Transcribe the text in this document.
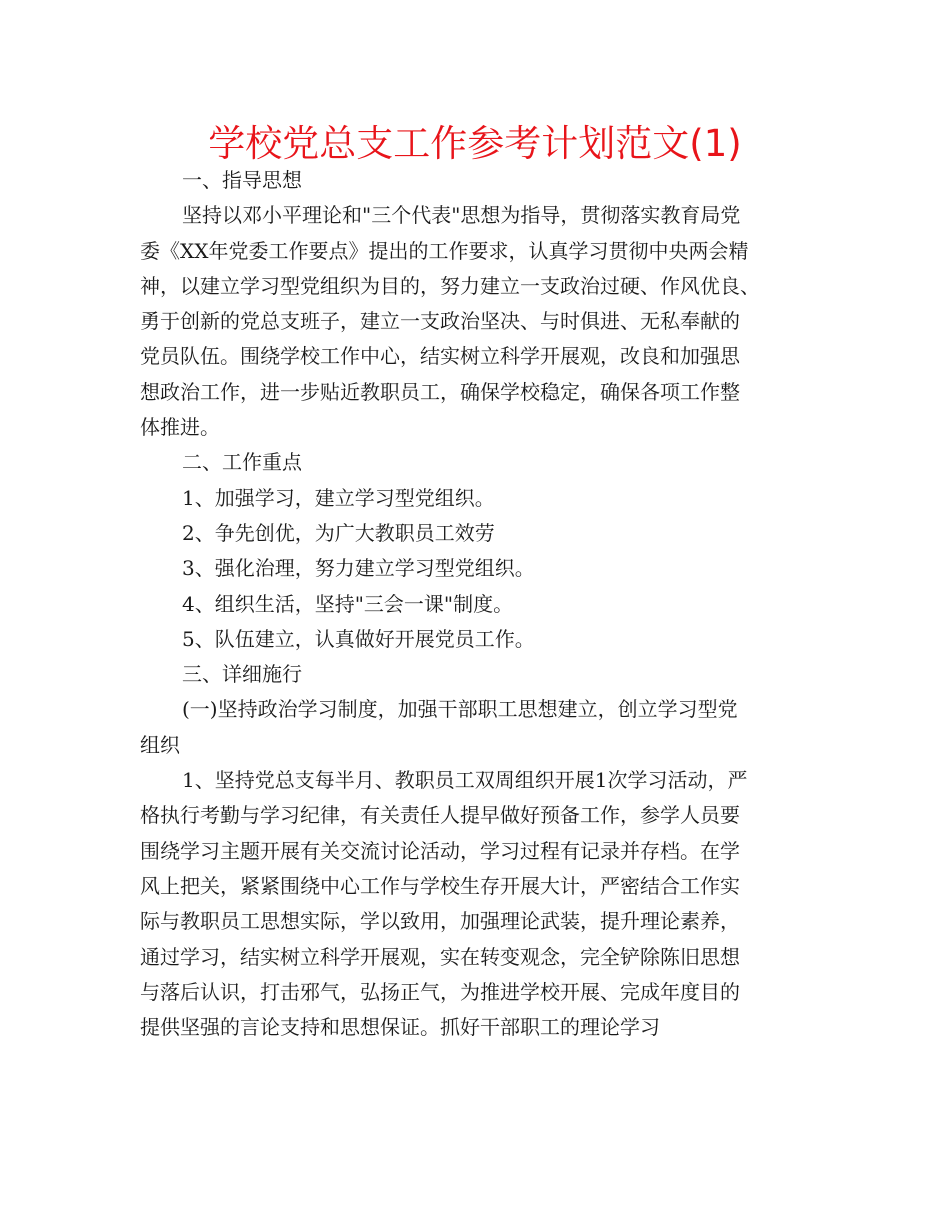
学校党总支工作参考计划范文(1)
一、指导思想
坚持以邓小平理论和"三个代表"思想为指导，贯彻落实教育局党
委《XX年党委工作要点》提出的工作要求，认真学习贯彻中央两会精
神，以建立学习型党组织为目的，努力建立一支政治过硬、作风优良、
勇于创新的党总支班子，建立一支政治坚决、与时俱进、无私奉献的
党员队伍。围绕学校工作中心，结实树立科学开展观，改良和加强思
想政治工作，进一步贴近教职员工，确保学校稳定，确保各项工作整
体推进。
二、工作重点
1、加强学习，建立学习型党组织。
2、争先创优，为广大教职员工效劳
3、强化治理，努力建立学习型党组织。
4、组织生活，坚持"三会一课"制度。
5、队伍建立，认真做好开展党员工作。
三、详细施行
(一)坚持政治学习制度，加强干部职工思想建立，创立学习型党
组织
1、坚持党总支每半月、教职员工双周组织开展1次学习活动，严
格执行考勤与学习纪律，有关责任人提早做好预备工作，参学人员要
围绕学习主题开展有关交流讨论活动，学习过程有记录并存档。在学
风上把关，紧紧围绕中心工作与学校生存开展大计，严密结合工作实
际与教职员工思想实际，学以致用，加强理论武装，提升理论素养，
通过学习，结实树立科学开展观，实在转变观念，完全铲除陈旧思想
与落后认识，打击邪气，弘扬正气，为推进学校开展、完成年度目的
提供坚强的言论支持和思想保证。抓好干部职工的理论学习
